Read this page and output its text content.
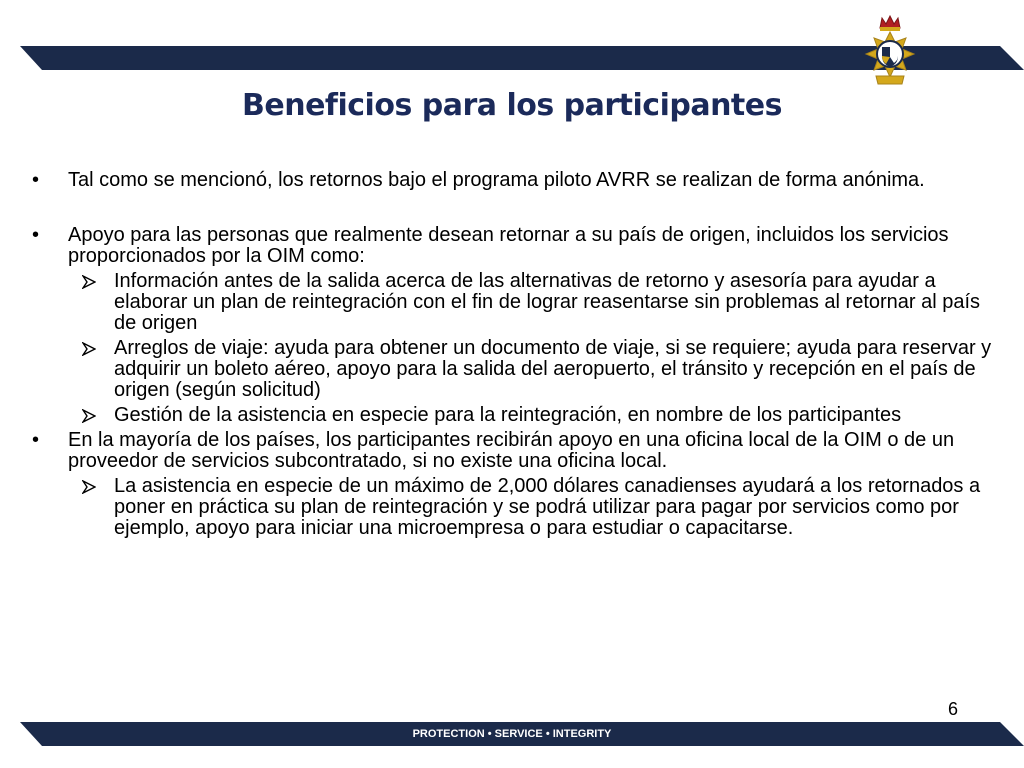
Beneficios para los participantes
•	Tal como se mencionó, los retornos bajo el programa piloto AVRR se realizan de forma anónima.
•	Apoyo para las personas que realmente desean retornar a su país de origen, incluidos los servicios proporcionados por la OIM como:
Información antes de la salida acerca de las alternativas de retorno y asesoría para ayudar a elaborar un plan de reintegración con el fin de lograr reasentarse sin problemas al retornar al país de origen
Arreglos de viaje: ayuda para obtener un documento de viaje, si se requiere; ayuda para reservar y adquirir un boleto aéreo, apoyo para la salida del aeropuerto, el tránsito y recepción en el país de origen (según solicitud)
Gestión de la asistencia en especie para la reintegración, en nombre de los participantes
•	En la mayoría de los países, los participantes recibirán apoyo en una oficina local de la OIM o de un proveedor de servicios subcontratado, si no existe una oficina local.
La asistencia en especie de un máximo de 2,000 dólares canadienses ayudará a los retornados a poner en práctica su plan de reintegración y se podrá utilizar para pagar por servicios como por ejemplo, apoyo para iniciar una microempresa o para estudiar o capacitarse.
6
PROTECTION • SERVICE • INTEGRITY
